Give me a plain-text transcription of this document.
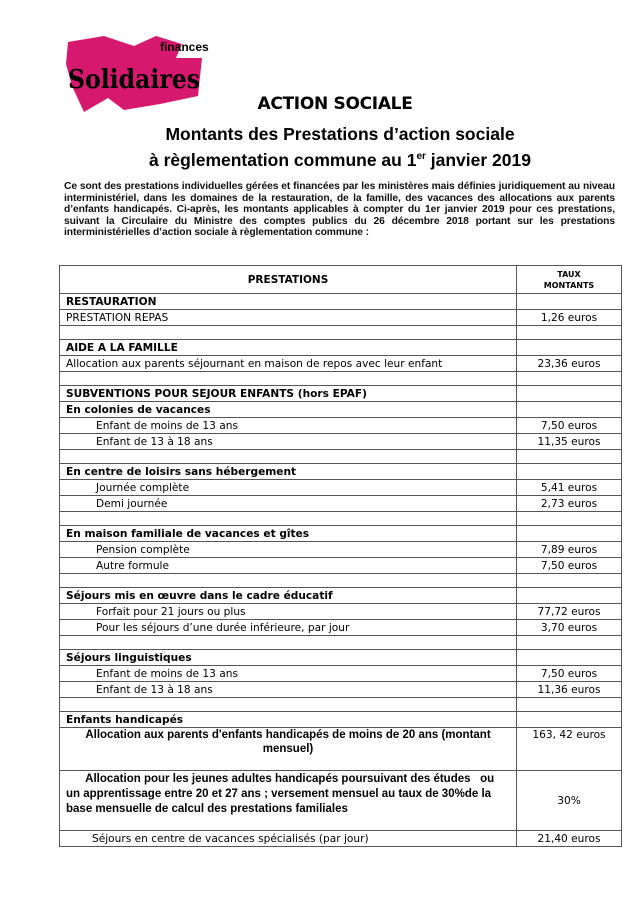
finances
Solidaires
ACTION SOCIALE
Montants des Prestations d’action sociale
à règlementation commune au 1er janvier 2019
Ce sont des prestations individuelles gérées et financées par les ministères mais définies juridiquement au niveau interministériel, dans les domaines de la restauration, de la famille, des vacances des allocations aux parents d’enfants handicapés. Ci-après, les montants applicables à compter du 1er janvier 2019 pour ces prestations, suivant la Circulaire du Ministre des comptes publics du 26 décembre 2018 portant sur les prestations interministérielles d’action sociale à règlementation commune :
PRESTATIONS	TAUX
MONTANTS
RESTAURATION	
PRESTATION REPAS	1,26 euros

AIDE A LA FAMILLE	
Allocation aux parents séjournant en maison de repos avec leur enfant	23,36 euros

SUBVENTIONS POUR SEJOUR ENFANTS (hors EPAF)	
En colonies de vacances	
Enfant de moins de 13 ans	7,50 euros
Enfant de 13 à 18 ans	11,35 euros

En centre de loisirs sans hébergement	
Journée complète	5,41 euros
Demi journée	2,73 euros

En maison familiale de vacances et gîtes	
Pension complète	7,89 euros
Autre formule	7,50 euros

Séjours mis en œuvre dans le cadre éducatif	
Forfait pour 21 jours ou plus	77,72 euros
Pour les séjours d’une durée inférieure, par jour	3,70 euros

Séjours linguistiques	
Enfant de moins de 13 ans	7,50 euros
Enfant de 13 à 18 ans	11,36 euros

Enfants handicapés	
Allocation aux parents d'enfants handicapés de moins de 20 ans (montant mensuel)	163, 42 euros
Allocation pour les jeunes adultes handicapés poursuivant des études   ou un apprentissage entre 20 et 27 ans ; versement mensuel au taux de 30%de la base mensuelle de calcul des prestations familiales	30%
Séjours en centre de vacances spécialisés (par jour)	21,40 euros
